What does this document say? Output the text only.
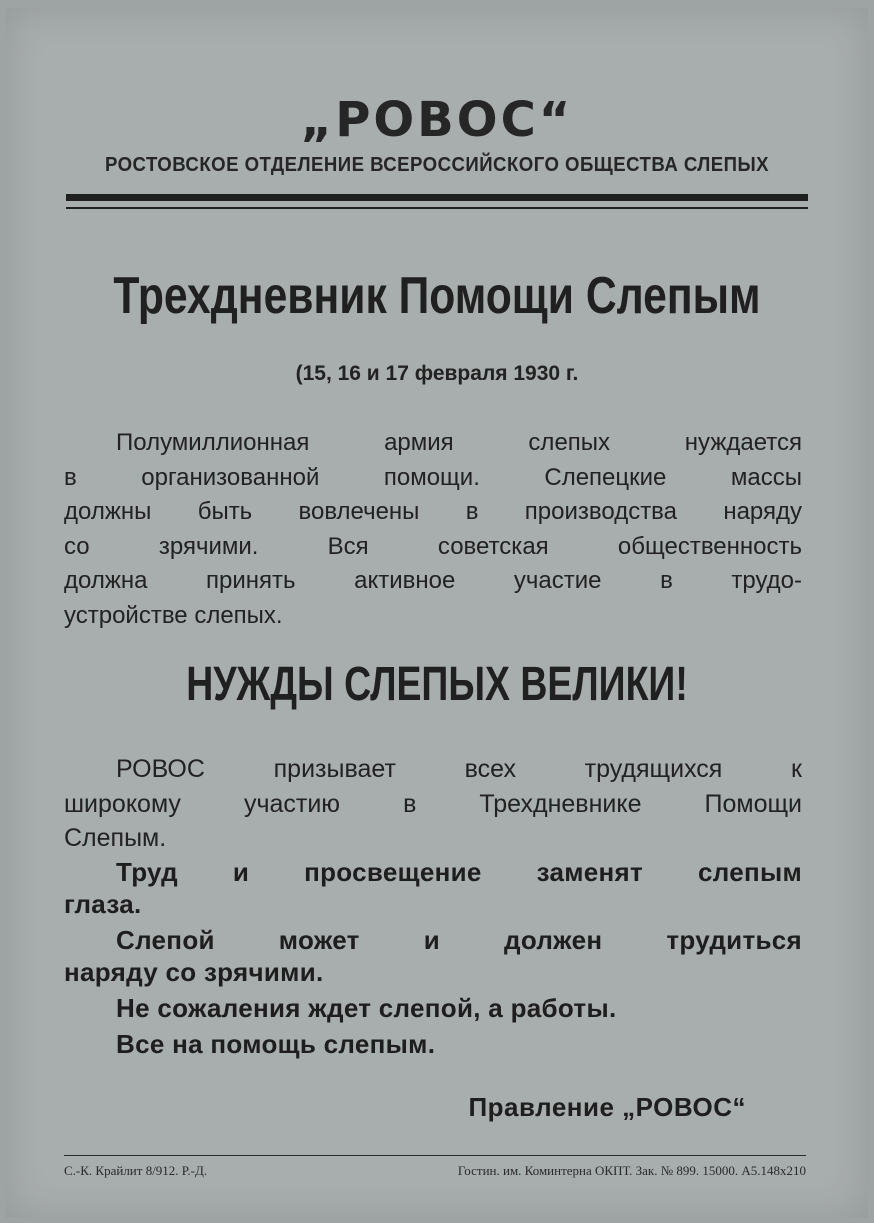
„РОВОС“
РОСТОВСКОЕ ОТДЕЛЕНИЕ ВСЕРОССИЙСКОГО ОБЩЕСТВА СЛЕПЫХ
Трехдневник Помощи Слепым
(15, 16 и 17 февраля 1930 г.
Полумиллионная армия слепых нуждается
в организованной помощи. Слепецкие массы
должны быть вовлечены в производства наряду
со зрячими. Вся советская общественность
должна принять активное участие в трудо-
устройстве слепых.
НУЖДЫ СЛЕПЫХ ВЕЛИКИ!
РОВОС призывает всех трудящихся к
широкому участию в Трехдневнике Помощи
Слепым.
Труд и просвещение заменят слепым
глаза.
Слепой может и должен трудиться
наряду со зрячими.
Не сожаления ждет слепой, а работы.
Все на помощь слепым.
Правление „РОВОС“
С.-К. Крайлит 8/912. Р.-Д.	Гостин. им. Коминтерна ОКПТ. Зак. № 899. 15000. А5.148х210
